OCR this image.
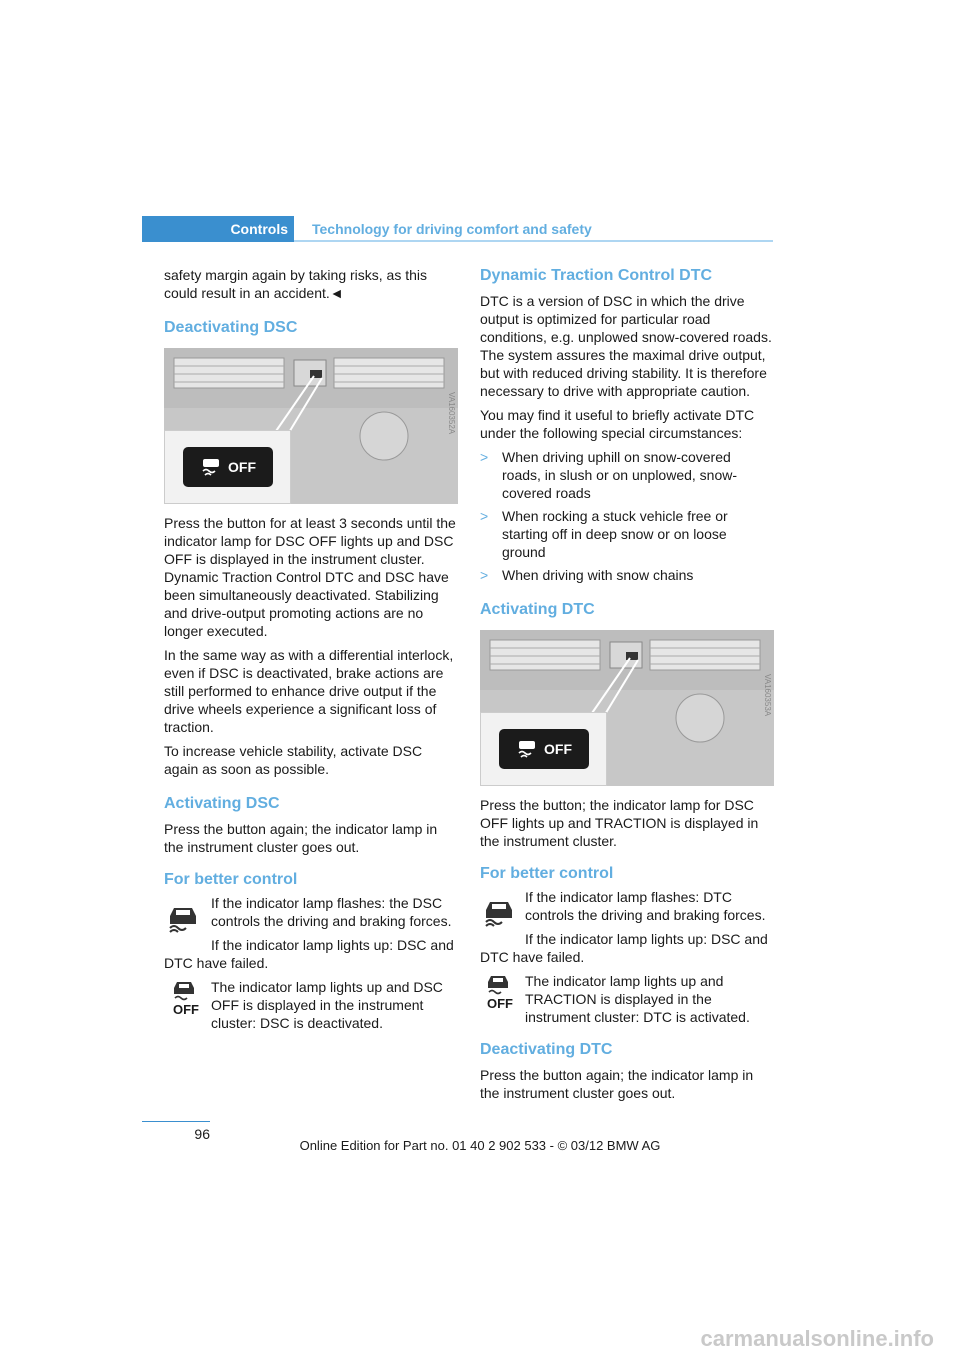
Controls	Technology for driving comfort and safety

safety margin again by taking risks, as this could result in an accident.◄

Deactivating DSC
OFF
VA160352A

Press the button for at least 3 seconds until the indicator lamp for DSC OFF lights up and DSC OFF is displayed in the instrument cluster. Dynamic Traction Control DTC and DSC have been simultaneously deactivated. Stabilizing and drive-output promoting actions are no longer executed.

In the same way as with a differential interlock, even if DSC is deactivated, brake actions are still performed to enhance drive output if the drive wheels experience a significant loss of traction.

To increase vehicle stability, activate DSC again as soon as possible.

Activating DSC

Press the button again; the indicator lamp in the instrument cluster goes out.

For better control

If the indicator lamp flashes: the DSC controls the driving and braking forces.

If the indicator lamp lights up: DSC and DTC have failed.

OFF

The indicator lamp lights up and DSC OFF is displayed in the instrument cluster: DSC is deactivated.

Dynamic Traction Control DTC

DTC is a version of DSC in which the drive output is optimized for particular road conditions, e.g. unplowed snow-covered roads. The system assures the maximal drive output, but with reduced driving stability. It is therefore necessary to drive with appropriate caution.

You may find it useful to briefly activate DTC under the following special circumstances:

> When driving uphill on snow-covered roads, in slush or on unplowed, snow-covered roads
> When rocking a stuck vehicle free or starting off in deep snow or on loose ground
> When driving with snow chains
Activating DTC
OFF
VA160353A

Press the button; the indicator lamp for DSC OFF lights up and TRACTION is displayed in the instrument cluster.

For better control

If the indicator lamp flashes: DTC controls the driving and braking forces.

If the indicator lamp lights up: DSC and DTC have failed.

OFF

The indicator lamp lights up and TRACTION is displayed in the instrument cluster: DTC is activated.

Deactivating DTC

Press the button again; the indicator lamp in the instrument cluster goes out.

96
Online Edition for Part no. 01 40 2 902 533 - © 03/12 BMW AG
carmanualsonline.info
